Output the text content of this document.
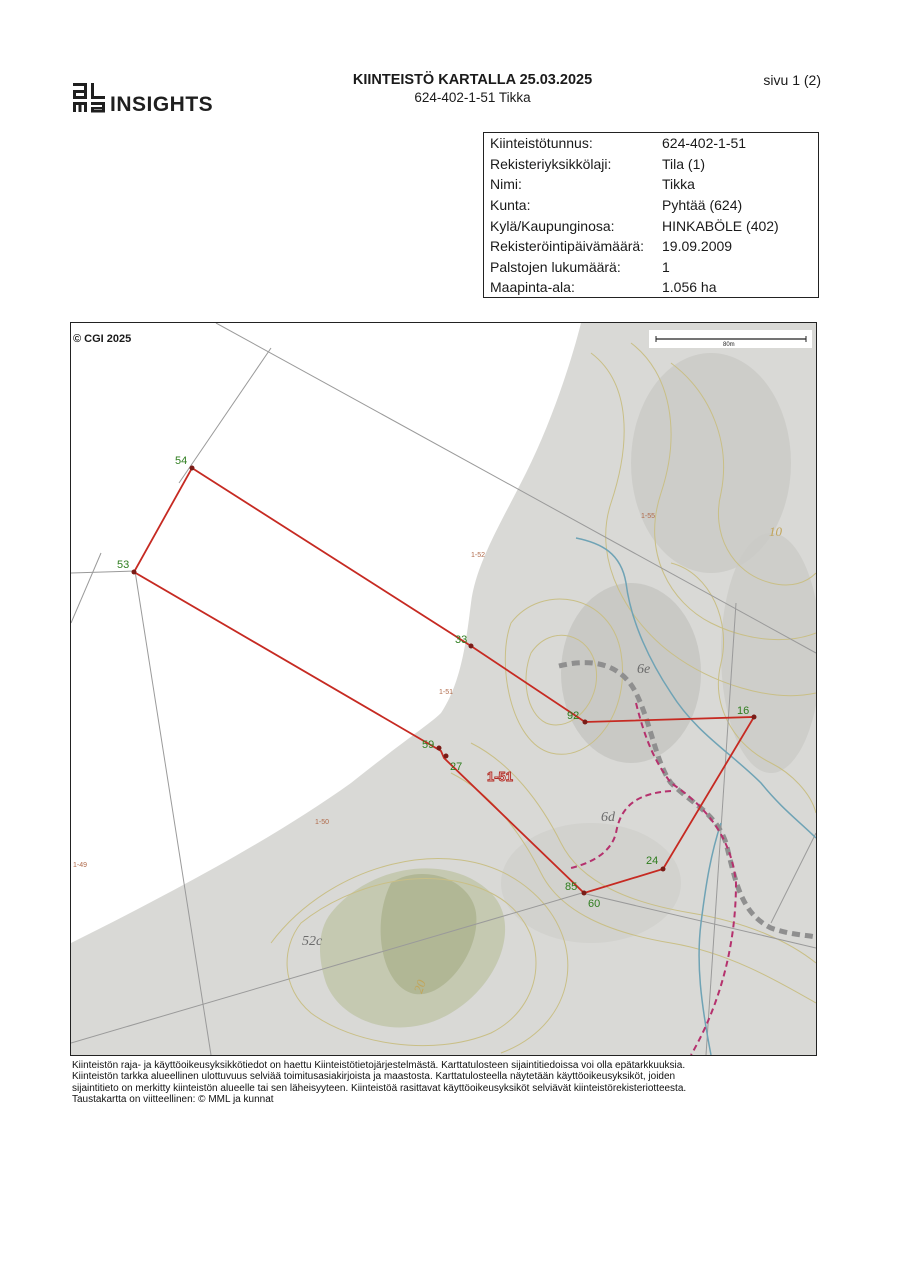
INSIGHTS
KIINTEISTÖ KARTALLA 25.03.2025
624-402-1-51 Tikka
sivu 1 (2)
Kiinteistötunnus:	624-402-1-51
Rekisteriyksikkölaji:	Tila (1)
Nimi:	Tikka
Kunta:	Pyhtää (624)
Kylä/Kaupunginosa:	HINKABÖLE (402)
Rekisteröintipäivämäärä:	19.09.2009
Palstojen lukumäärä:	1
Maapinta-ala:	1.056 ha
54
53
33
92	16
59
27
24
85
60
1-55
1-52
1-51
1-50
1-49
1-51
6e
6d
52c
20
10
80m
© CGI 2025
Kiinteistön raja- ja käyttöoikeusyksikkötiedot on haettu Kiinteistötietojärjestelmästä. Karttatulosteen sijaintitiedoissa voi olla epätarkkuuksia.
Kiinteistön tarkka alueellinen ulottuvuus selviää toimitusasiakirjoista ja maastosta. Karttatulosteella näytetään käyttöoikeusyksiköt, joiden
sijaintitieto on merkitty kiinteistön alueelle tai sen läheisyyteen. Kiinteistöä rasittavat käyttöoikeusyksiköt selviävät kiinteistörekisteriotteesta.
Taustakartta on viitteellinen: © MML ja kunnat
